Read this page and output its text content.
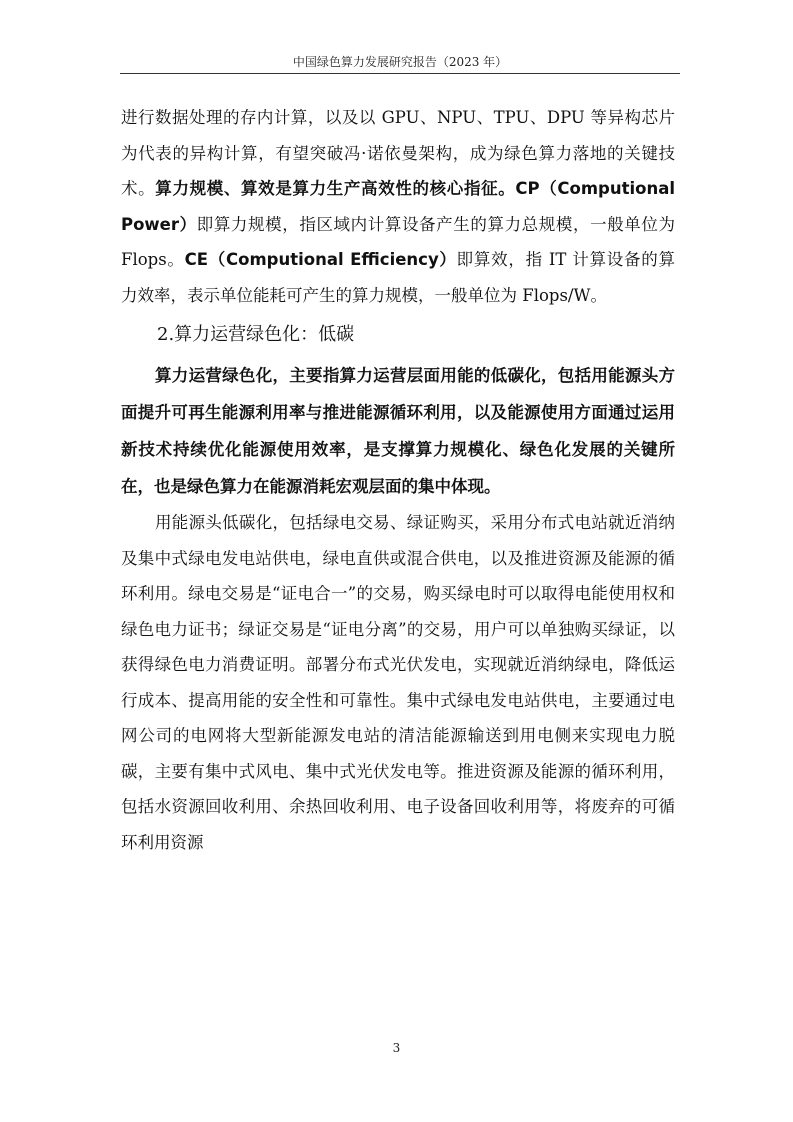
中国绿色算力发展研究报告（2023 年）

进行数据处理的存内计算，以及以 GPU、NPU、TPU、DPU 等异构芯片为代表的异构计算，有望突破冯·诺依曼架构，成为绿色算力落地的关键技术。算力规模、算效是算力生产高效性的核心指征。CP（Computional Power）即算力规模，指区域内计算设备产生的算力总规模，一般单位为 Flops。CE（Computional Efficiency）即算效，指 IT 计算设备的算力效率，表示单位能耗可产生的算力规模，一般单位为 Flops/W。

2.算力运营绿色化：低碳

算力运营绿色化，主要指算力运营层面用能的低碳化，包括用能源头方面提升可再生能源利用率与推进能源循环利用，以及能源使用方面通过运用新技术持续优化能源使用效率，是支撑算力规模化、绿色化发展的关键所在，也是绿色算力在能源消耗宏观层面的集中体现。

用能源头低碳化，包括绿电交易、绿证购买，采用分布式电站就近消纳及集中式绿电发电站供电，绿电直供或混合供电，以及推进资源及能源的循环利用。绿电交易是“证电合一”的交易，购买绿电时可以取得电能使用权和绿色电力证书；绿证交易是“证电分离”的交易，用户可以单独购买绿证，以获得绿色电力消费证明。部署分布式光伏发电，实现就近消纳绿电，降低运行成本、提高用能的安全性和可靠性。集中式绿电发电站供电，主要通过电网公司的电网将大型新能源发电站的清洁能源输送到用电侧来实现电力脱碳，主要有集中式风电、集中式光伏发电等。推进资源及能源的循环利用，包括水资源回收利用、余热回收利用、电子设备回收利用等，将废弃的可循环利用资源

3
